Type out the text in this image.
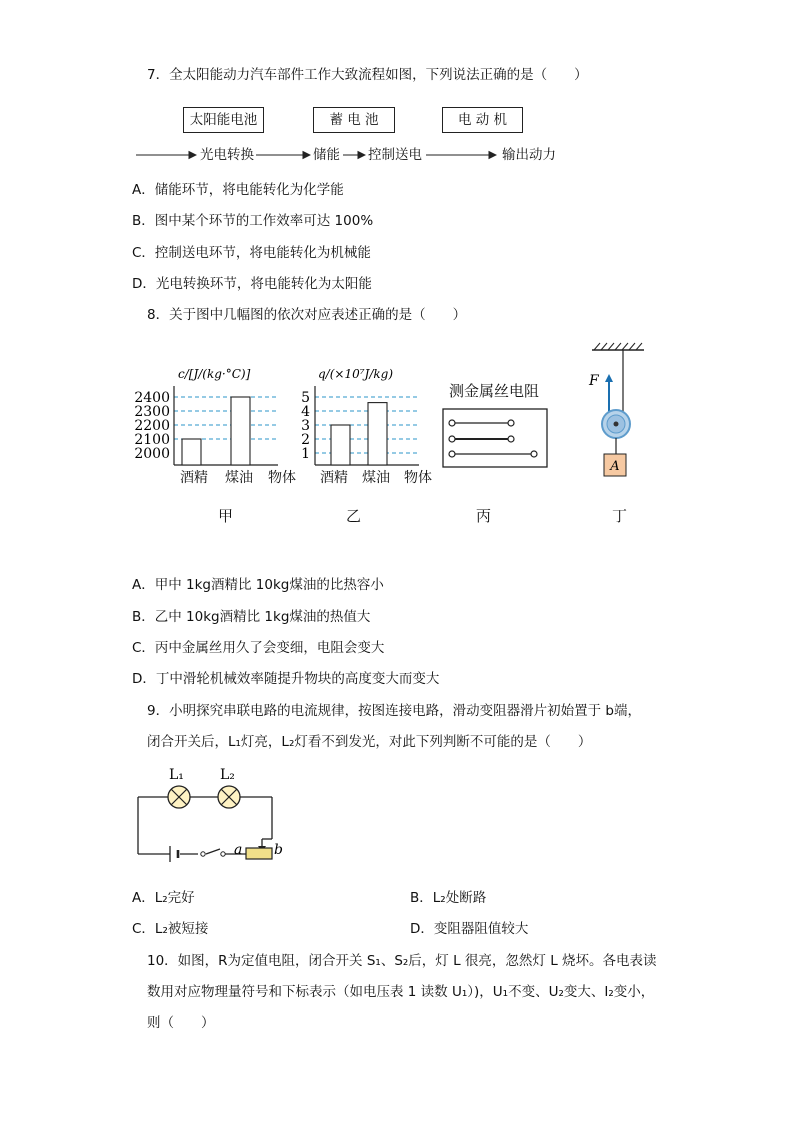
7．全太阳能动力汽车部件工作大致流程如图，下列说法正确的是（　　）
太阳能电池	蓄 电 池	电 动 机
光电转换	储能 控制送电	输出动力
A．储能环节，将电能转化为化学能
B．图中某个环节的工作效率可达 100%
C．控制送电环节，将电能转化为机械能
D．光电转换环节，将电能转化为太阳能
8．关于图中几幅图的依次对应表述正确的是（　　）
c/[J/(kg·°C)]
2400
2300
2200
2100
2000
酒精 煤油 物体
甲
q/(×10⁷J/kg)
5
4
3
2
1
酒精 煤油 物体
乙
测金属丝电阻
丙
F
A
丁
A．甲中 1kg酒精比 10kg煤油的比热容小
B．乙中 10kg酒精比 1kg煤油的热值大
C．丙中金属丝用久了会变细，电阻会变大
D．丁中滑轮机械效率随提升物块的高度变大而变大
9．小明探究串联电路的电流规律，按图连接电路，滑动变阻器滑片初始置于 b端，
闭合开关后，L₁灯亮，L₂灯看不到发光，对此下列判断不可能的是（　　）
L₁	L₂
a b
A．L₂完好	B．L₂处断路
C．L₂被短接	D．变阻器阻值较大
10．如图，R为定值电阻，闭合开关 S₁、S₂后，灯 L 很亮，忽然灯 L 烧坏。各电表读
数用对应物理量符号和下标表示（如电压表 1 读数 U₁）)，U₁不变、U₂变大、I₂变小，
则（　　）
